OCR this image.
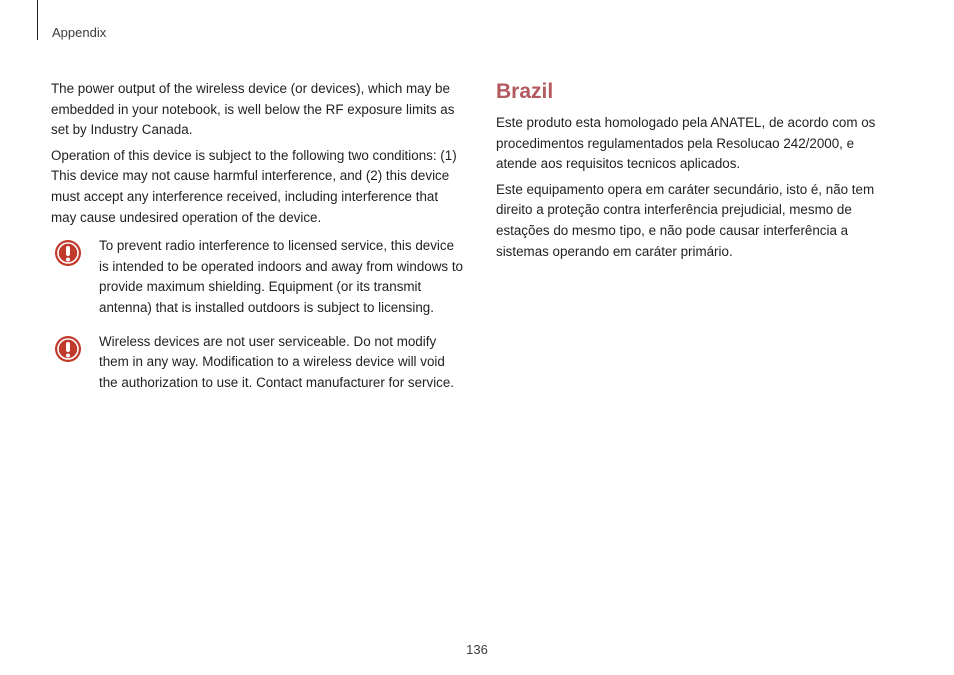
Appendix

The power output of the wireless device (or devices), which may be embedded in your notebook, is well below the RF exposure limits as set by Industry Canada.

Operation of this device is subject to the following two conditions: (1) This device may not cause harmful interference, and (2) this device must accept any interference received, including interference that may cause undesired operation of the device.

To prevent radio interference to licensed service, this device is intended to be operated indoors and away from windows to provide maximum shielding. Equipment (or its transmit antenna) that is installed outdoors is subject to licensing.
Wireless devices are not user serviceable. Do not modify them in any way. Modification to a wireless device will void the authorization to use it. Contact manufacturer for service.
Brazil

Este produto esta homologado pela ANATEL, de acordo com os procedimentos regulamentados pela Resolucao 242/2000, e atende aos requisitos tecnicos aplicados.

Este equipamento opera em caráter secundário, isto é, não tem direito a proteção contra interferência prejudicial, mesmo de estações do mesmo tipo, e não pode causar interferência a sistemas operando em caráter primário.

136
